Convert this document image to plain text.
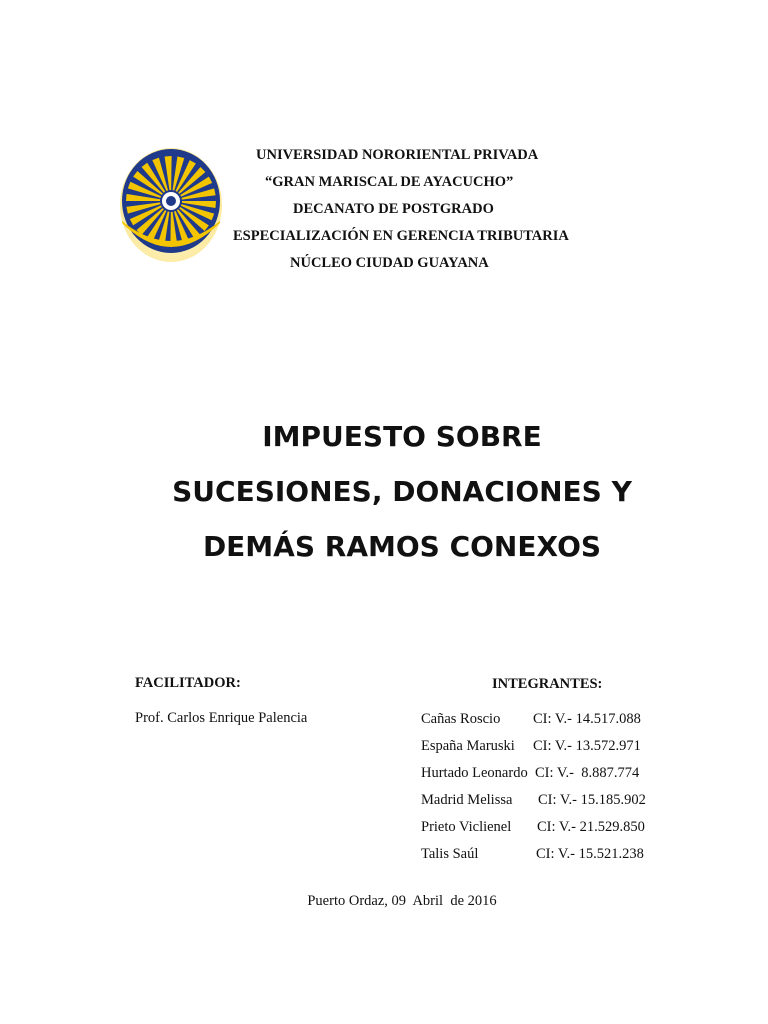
UNIVERSIDAD NORORIENTAL PRIVADA
“GRAN MARISCAL DE AYACUCHO”
DECANATO DE POSTGRADO
ESPECIALIZACIÓN EN GERENCIA TRIBUTARIA
NÚCLEO CIUDAD GUAYANA
IMPUESTO SOBRE
SUCESIONES, DONACIONES Y
DEMÁS RAMOS CONEXOS
FACILITADOR:
Prof. Carlos Enrique Palencia
INTEGRANTES:
Cañas Roscio CI: V.- 14.517.088
España Maruski CI: V.- 13.572.971
Hurtado Leonardo CI: V.-  8.887.774
Madrid Melissa CI: V.- 15.185.902
Prieto Viclienel CI: V.- 21.529.850
Talis Saúl	CI: V.- 15.521.238
Puerto Ordaz, 09  Abril  de 2016
